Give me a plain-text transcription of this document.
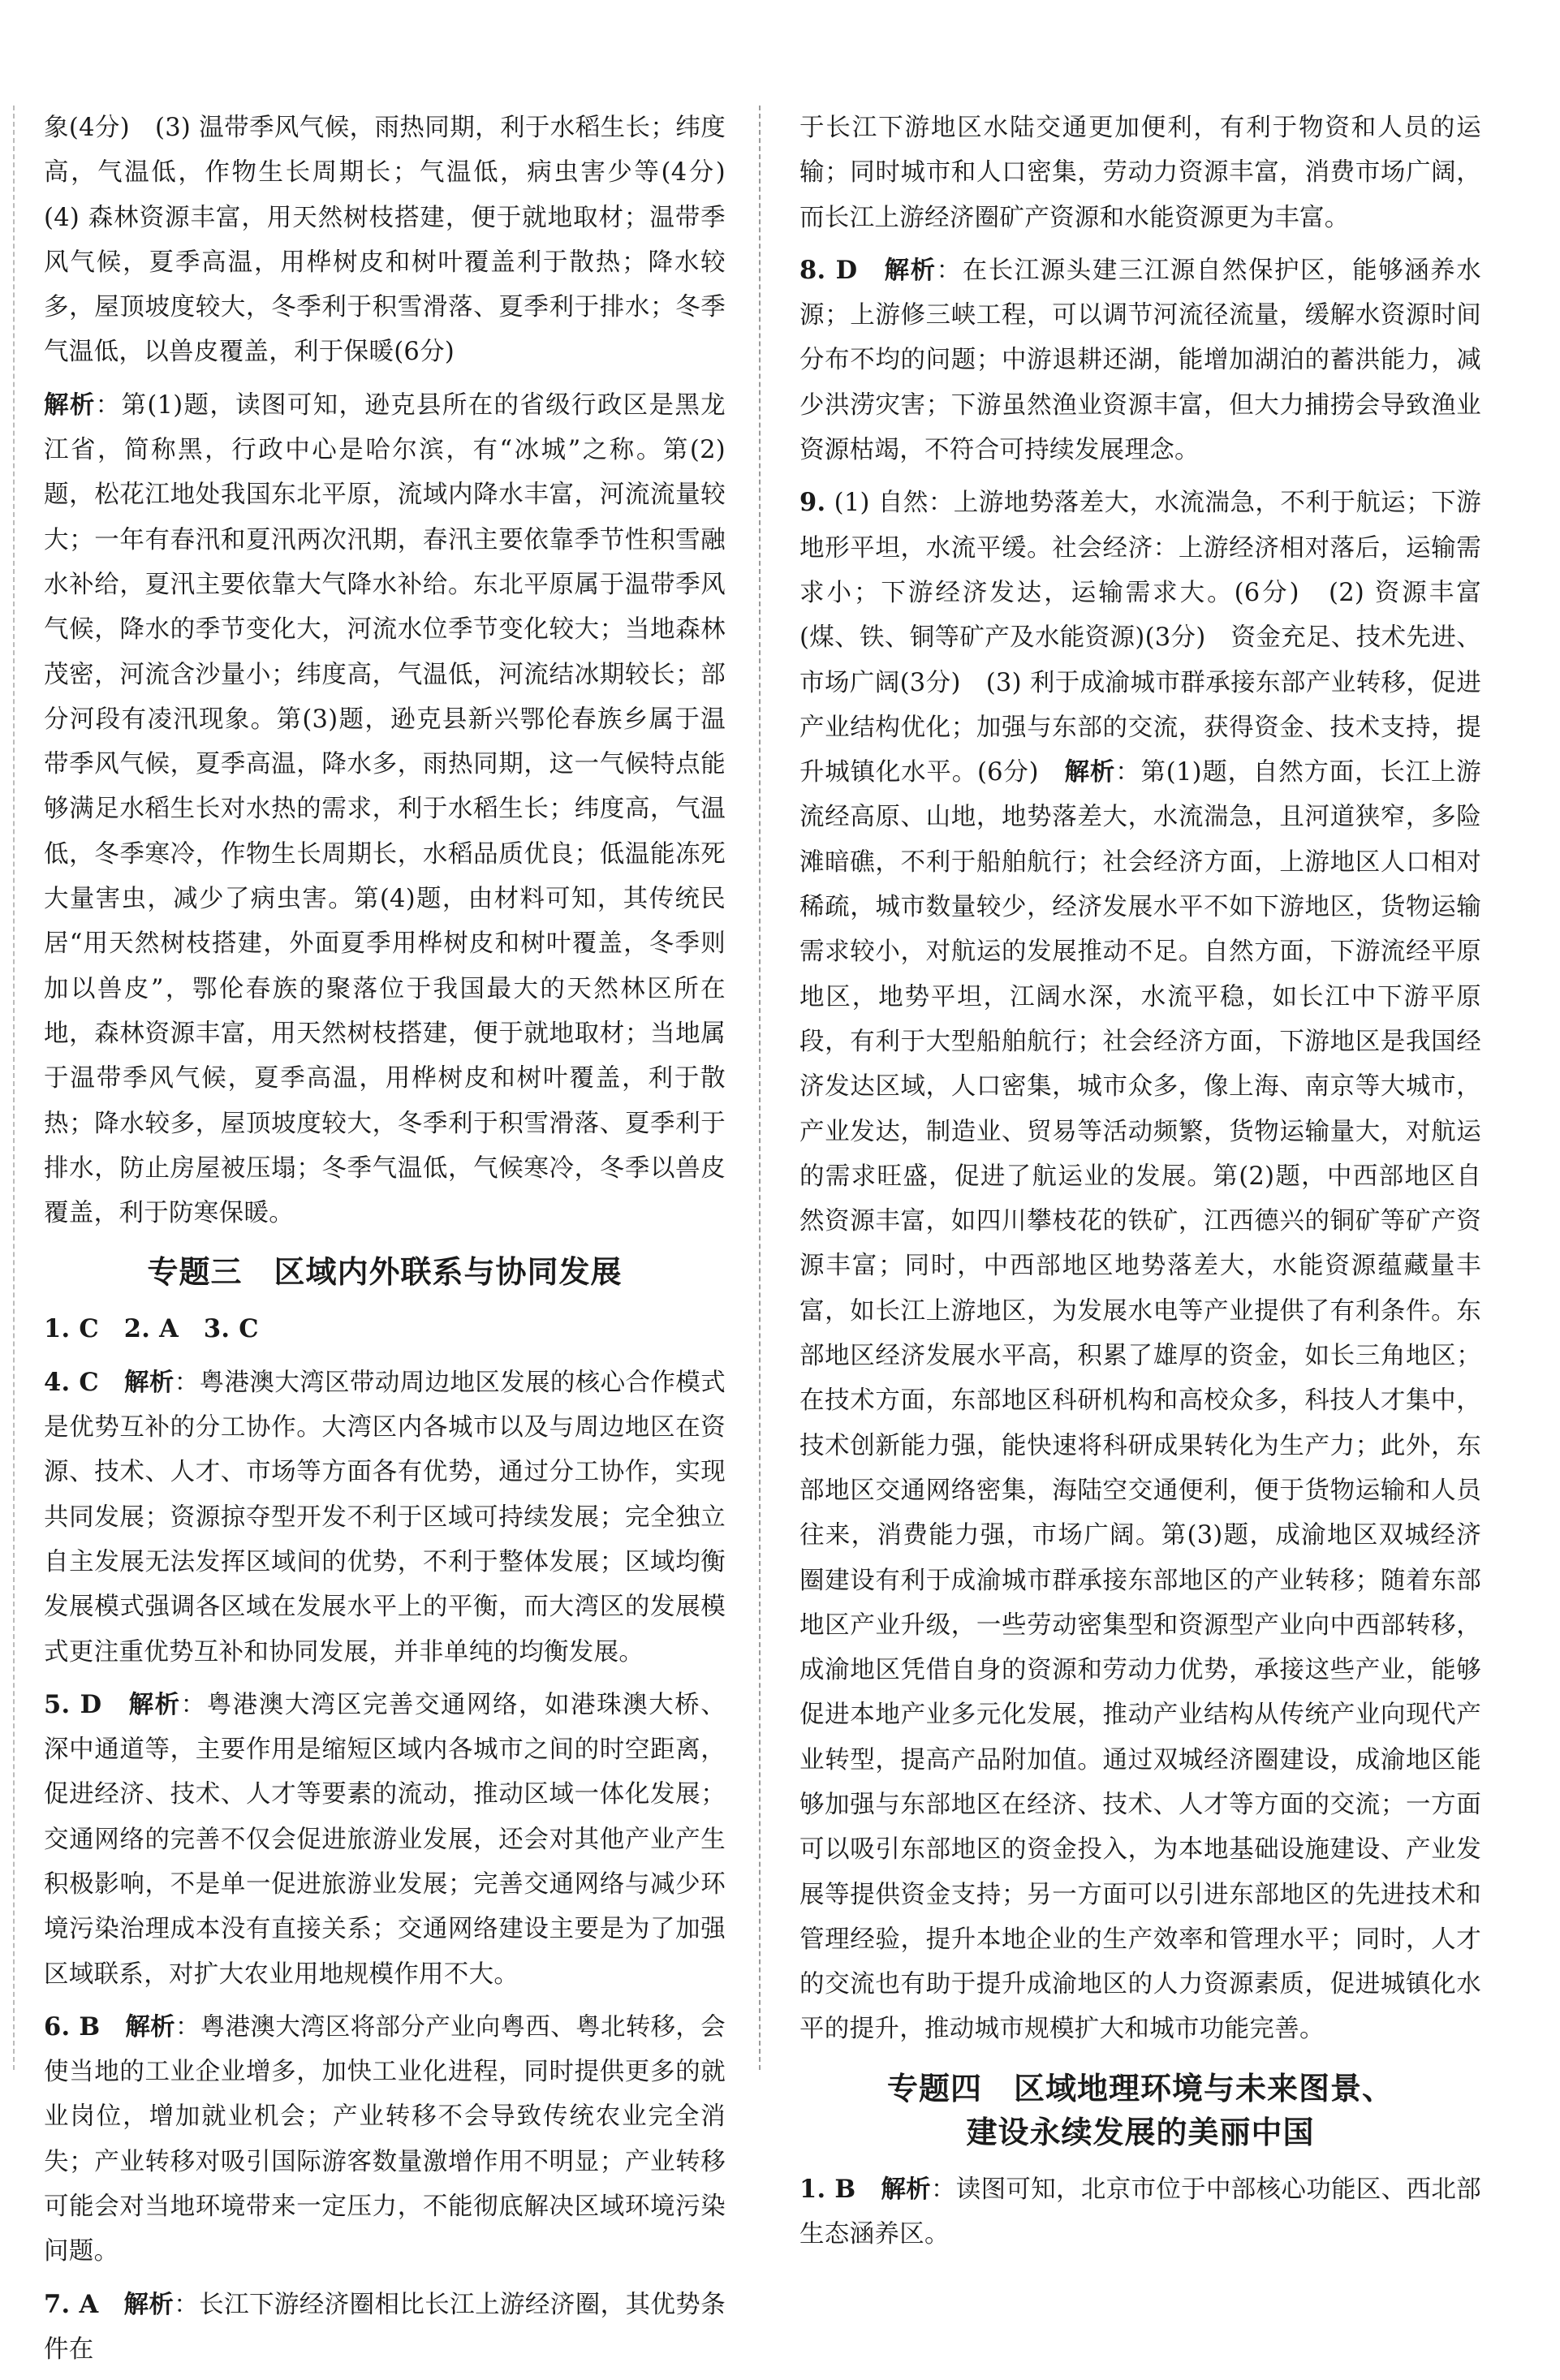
象(4分)　(3) 温带季风气候，雨热同期，利于水稻生长；纬度高，气温低，作物生长周期长；气温低，病虫害少等(4分)　(4) 森林资源丰富，用天然树枝搭建，便于就地取材；温带季风气候，夏季高温，用桦树皮和树叶覆盖利于散热；降水较多，屋顶坡度较大，冬季利于积雪滑落、夏季利于排水；冬季气温低，以兽皮覆盖，利于保暖(6分)

解析：第(1)题，读图可知，逊克县所在的省级行政区是黑龙江省，简称黑，行政中心是哈尔滨，有“冰城”之称。第(2)题，松花江地处我国东北平原，流域内降水丰富，河流流量较大；一年有春汛和夏汛两次汛期，春汛主要依靠季节性积雪融水补给，夏汛主要依靠大气降水补给。东北平原属于温带季风气候，降水的季节变化大，河流水位季节变化较大；当地森林茂密，河流含沙量小；纬度高，气温低，河流结冰期较长；部分河段有凌汛现象。第(3)题，逊克县新兴鄂伦春族乡属于温带季风气候，夏季高温，降水多，雨热同期，这一气候特点能够满足水稻生长对水热的需求，利于水稻生长；纬度高，气温低，冬季寒冷，作物生长周期长，水稻品质优良；低温能冻死大量害虫，减少了病虫害。第(4)题，由材料可知，其传统民居“用天然树枝搭建，外面夏季用桦树皮和树叶覆盖，冬季则加以兽皮”，鄂伦春族的聚落位于我国最大的天然林区所在地，森林资源丰富，用天然树枝搭建，便于就地取材；当地属于温带季风气候，夏季高温，用桦树皮和树叶覆盖，利于散热；降水较多，屋顶坡度较大，冬季利于积雪滑落、夏季利于排水，防止房屋被压塌；冬季气温低，气候寒冷，冬季以兽皮覆盖，利于防寒保暖。

专题三　区域内外联系与协同发展

1. C　2. A　3. C

4. C　 解析：粤港澳大湾区带动周边地区发展的核心合作模式是优势互补的分工协作。大湾区内各城市以及与周边地区在资源、技术、人才、市场等方面各有优势，通过分工协作，实现共同发展；资源掠夺型开发不利于区域可持续发展；完全独立自主发展无法发挥区域间的优势，不利于整体发展；区域均衡发展模式强调各区域在发展水平上的平衡，而大湾区的发展模式更注重优势互补和协同发展，并非单纯的均衡发展。

5. D　 解析：粤港澳大湾区完善交通网络，如港珠澳大桥、深中通道等，主要作用是缩短区域内各城市之间的时空距离，促进经济、技术、人才等要素的流动，推动区域一体化发展；交通网络的完善不仅会促进旅游业发展，还会对其他产业产生积极影响，不是单一促进旅游业发展；完善交通网络与减少环境污染治理成本没有直接关系；交通网络建设主要是为了加强区域联系，对扩大农业用地规模作用不大。

6. B　 解析：粤港澳大湾区将部分产业向粤西、粤北转移，会使当地的工业企业增多，加快工业化进程，同时提供更多的就业岗位，增加就业机会；产业转移不会导致传统农业完全消失；产业转移对吸引国际游客数量激增作用不明显；产业转移可能会对当地环境带来一定压力，不能彻底解决区域环境污染问题。

7. A　 解析：长江下游经济圈相比长江上游经济圈，其优势条件在

于长江下游地区水陆交通更加便利，有利于物资和人员的运输；同时城市和人口密集，劳动力资源丰富，消费市场广阔，而长江上游经济圈矿产资源和水能资源更为丰富。

8. D　 解析：在长江源头建三江源自然保护区，能够涵养水源；上游修三峡工程，可以调节河流径流量，缓解水资源时间分布不均的问题；中游退耕还湖，能增加湖泊的蓄洪能力，减少洪涝灾害；下游虽然渔业资源丰富，但大力捕捞会导致渔业资源枯竭，不符合可持续发展理念。

9. (1) 自然：上游地势落差大，水流湍急，不利于航运；下游地形平坦，水流平缓。社会经济：上游经济相对落后，运输需求小；下游经济发达，运输需求大。(6分)　(2) 资源丰富(煤、铁、铜等矿产及水能资源)(3分)　资金充足、技术先进、市场广阔(3分)　(3) 利于成渝城市群承接东部产业转移，促进产业结构优化；加强与东部的交流，获得资金、技术支持，提升城镇化水平。(6分)　解析：第(1)题，自然方面，长江上游流经高原、山地，地势落差大，水流湍急，且河道狭窄，多险滩暗礁，不利于船舶航行；社会经济方面，上游地区人口相对稀疏，城市数量较少，经济发展水平不如下游地区，货物运输需求较小，对航运的发展推动不足。自然方面，下游流经平原地区，地势平坦，江阔水深，水流平稳，如长江中下游平原段，有利于大型船舶航行；社会经济方面，下游地区是我国经济发达区域，人口密集，城市众多，像上海、南京等大城市，产业发达，制造业、贸易等活动频繁，货物运输量大，对航运的需求旺盛，促进了航运业的发展。第(2)题，中西部地区自然资源丰富，如四川攀枝花的铁矿，江西德兴的铜矿等矿产资源丰富；同时，中西部地区地势落差大，水能资源蕴藏量丰富，如长江上游地区，为发展水电等产业提供了有利条件。东部地区经济发展水平高，积累了雄厚的资金，如长三角地区；在技术方面，东部地区科研机构和高校众多，科技人才集中，技术创新能力强，能快速将科研成果转化为生产力；此外，东部地区交通网络密集，海陆空交通便利，便于货物运输和人员往来，消费能力强，市场广阔。第(3)题，成渝地区双城经济圈建设有利于成渝城市群承接东部地区的产业转移；随着东部地区产业升级，一些劳动密集型和资源型产业向中西部转移，成渝地区凭借自身的资源和劳动力优势，承接这些产业，能够促进本地产业多元化发展，推动产业结构从传统产业向现代产业转型，提高产品附加值。通过双城经济圈建设，成渝地区能够加强与东部地区在经济、技术、人才等方面的交流；一方面可以吸引东部地区的资金投入，为本地基础设施建设、产业发展等提供资金支持；另一方面可以引进东部地区的先进技术和管理经验，提升本地企业的生产效率和管理水平；同时，人才的交流也有助于提升成渝地区的人力资源素质，促进城镇化水平的提升，推动城市规模扩大和城市功能完善。

专题四　区域地理环境与未来图景、
建设永续发展的美丽中国

1. B　 解析：读图可知，北京市位于中部核心功能区、西北部生态涵养区。
